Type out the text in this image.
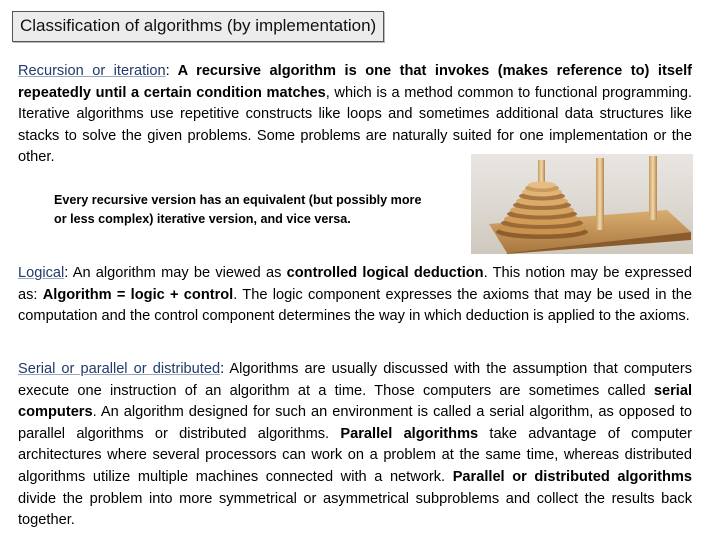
Classification of algorithms (by implementation)

Recursion or iteration: A recursive algorithm is one that invokes (makes reference to) itself repeatedly until a certain condition matches, which is a method common to functional programming. Iterative algorithms use repetitive constructs like loops and sometimes additional data structures like stacks to solve the given problems. Some problems are naturally suited for one implementation or the other.

Every recursive version has an equivalent (but possibly more or less complex) iterative version, and vice versa.

Logical: An algorithm may be viewed as controlled logical deduction. This notion may be expressed as: Algorithm = logic + control. The logic component expresses the axioms that may be used in the computation and the control component determines the way in which deduction is applied to the axioms.

Serial or parallel or distributed: Algorithms are usually discussed with the assumption that computers execute one instruction of an algorithm at a time. Those computers are sometimes called serial computers. An algorithm designed for such an environment is called a serial algorithm, as opposed to parallel algorithms or distributed algorithms. Parallel algorithms take advantage of computer architectures where several processors can work on a problem at the same time, whereas distributed algorithms utilize multiple machines connected with a network. Parallel or distributed algorithms divide the problem into more symmetrical or asymmetrical subproblems and collect the results back together.
